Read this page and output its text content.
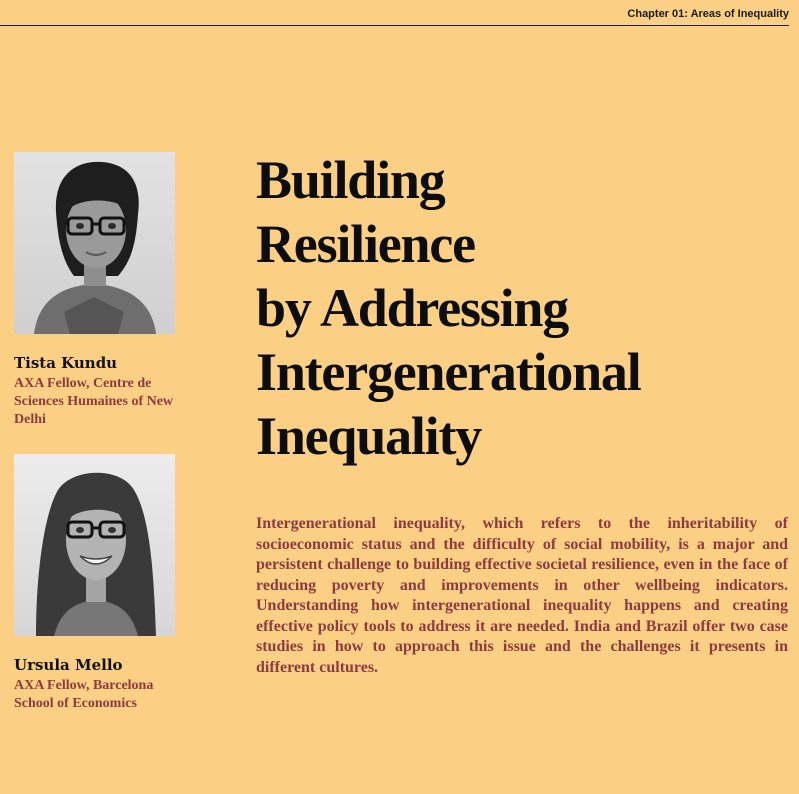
Chapter 01: Areas of Inequality
Tista Kundu
AXA Fellow, Centre de Sciences Humaines of New Delhi
Ursula Mello
AXA Fellow, Barcelona School of Economics
Building
Resilience
by Addressing
Intergenerational
Inequality

Intergenerational inequality, which refers to the inheritability of socioeconomic status and the difficulty of social mobility, is a major and persistent challenge to building effective societal resilience, even in the face of reducing poverty and improvements in other wellbeing indicators. Understanding how intergenerational inequality happens and creating effective policy tools to address it are needed. India and Brazil offer two case studies in how to approach this issue and the challenges it presents in different cultures.
